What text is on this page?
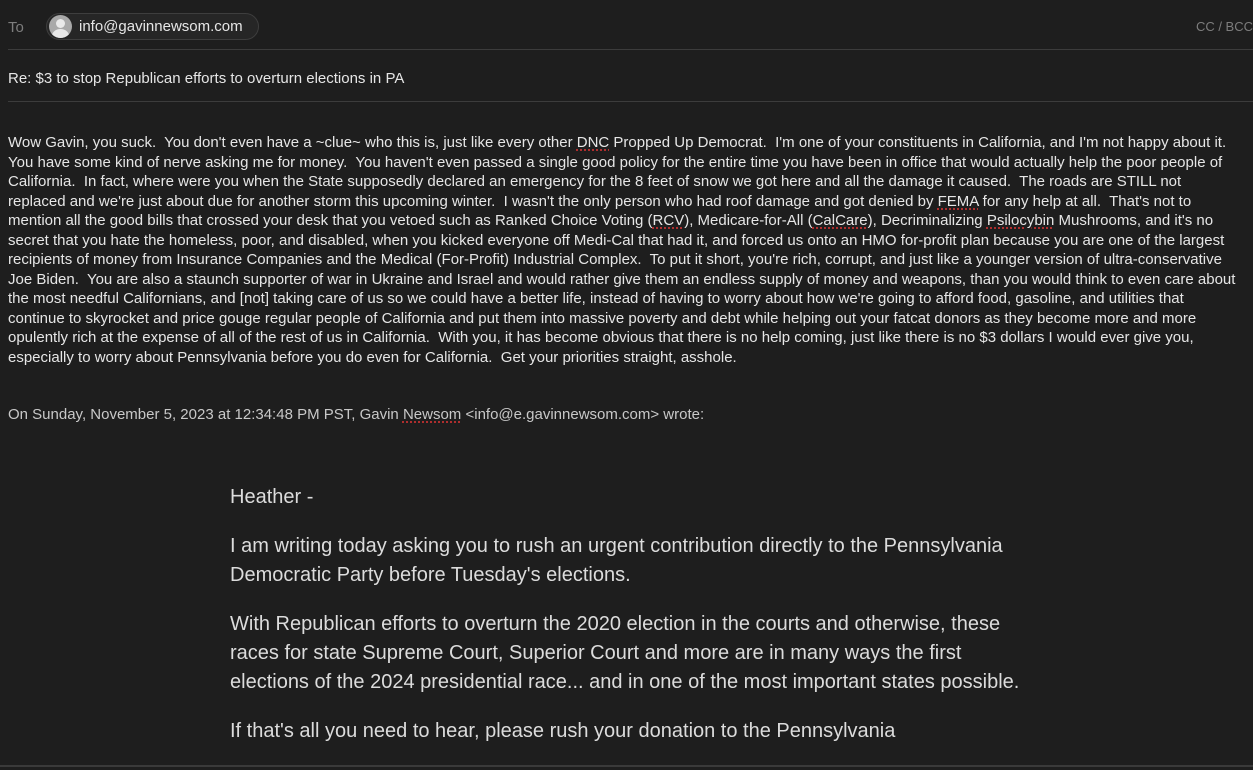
To	info@gavinnewsom.com	CC / BCC
Re: $3 to stop Republican efforts to overturn elections in PA
Wow Gavin, you suck.  You don't even have a ~clue~ who this is, just like every other DNC Propped Up Democrat.  I'm one of your constituents in California, and I'm not happy about it.  You have some kind of nerve asking me for money.  You haven't even passed a single good policy for the entire time you have been in office that would actually help the poor people of California.  In fact, where were you when the State supposedly declared an emergency for the 8 feet of snow we got here and all the damage it caused.  The roads are STILL not replaced and we're just about due for another storm this upcoming winter.  I wasn't the only person who had roof damage and got denied by FEMA for any help at all.  That's not to mention all the good bills that crossed your desk that you vetoed such as Ranked Choice Voting (RCV), Medicare-for-All (CalCare), Decriminalizing Psilocybin Mushrooms, and it's no secret that you hate the homeless, poor, and disabled, when you kicked everyone off Medi-Cal that had it, and forced us onto an HMO for-profit plan because you are one of the largest recipients of money from Insurance Companies and the Medical (For-Profit) Industrial Complex.  To put it short, you're rich, corrupt, and just like a younger version of ultra-conservative Joe Biden.  You are also a staunch supporter of war in Ukraine and Israel and would rather give them an endless supply of money and weapons, than you would think to even care about the most needful Californians, and [not] taking care of us so we could have a better life, instead of having to worry about how we're going to afford food, gasoline, and utilities that continue to skyrocket and price gouge regular people of California and put them into massive poverty and debt while helping out your fatcat donors as they become more and more opulently rich at the expense of all of the rest of us in California.  With you, it has become obvious that there is no help coming, just like there is no $3 dollars I would ever give you, especially to worry about Pennsylvania before you do even for California.  Get your priorities straight, asshole.
On Sunday, November 5, 2023 at 12:34:48 PM PST, Gavin Newsom <info@e.gavinnewsom.com> wrote:

Heather -

I am writing today asking you to rush an urgent contribution directly to the Pennsylvania Democratic Party before Tuesday's elections.

With Republican efforts to overturn the 2020 election in the courts and otherwise, these races for state Supreme Court, Superior Court and more are in many ways the first elections of the 2024 presidential race... and in one of the most important states possible.

If that's all you need to hear, please rush your donation to the Pennsylvania
